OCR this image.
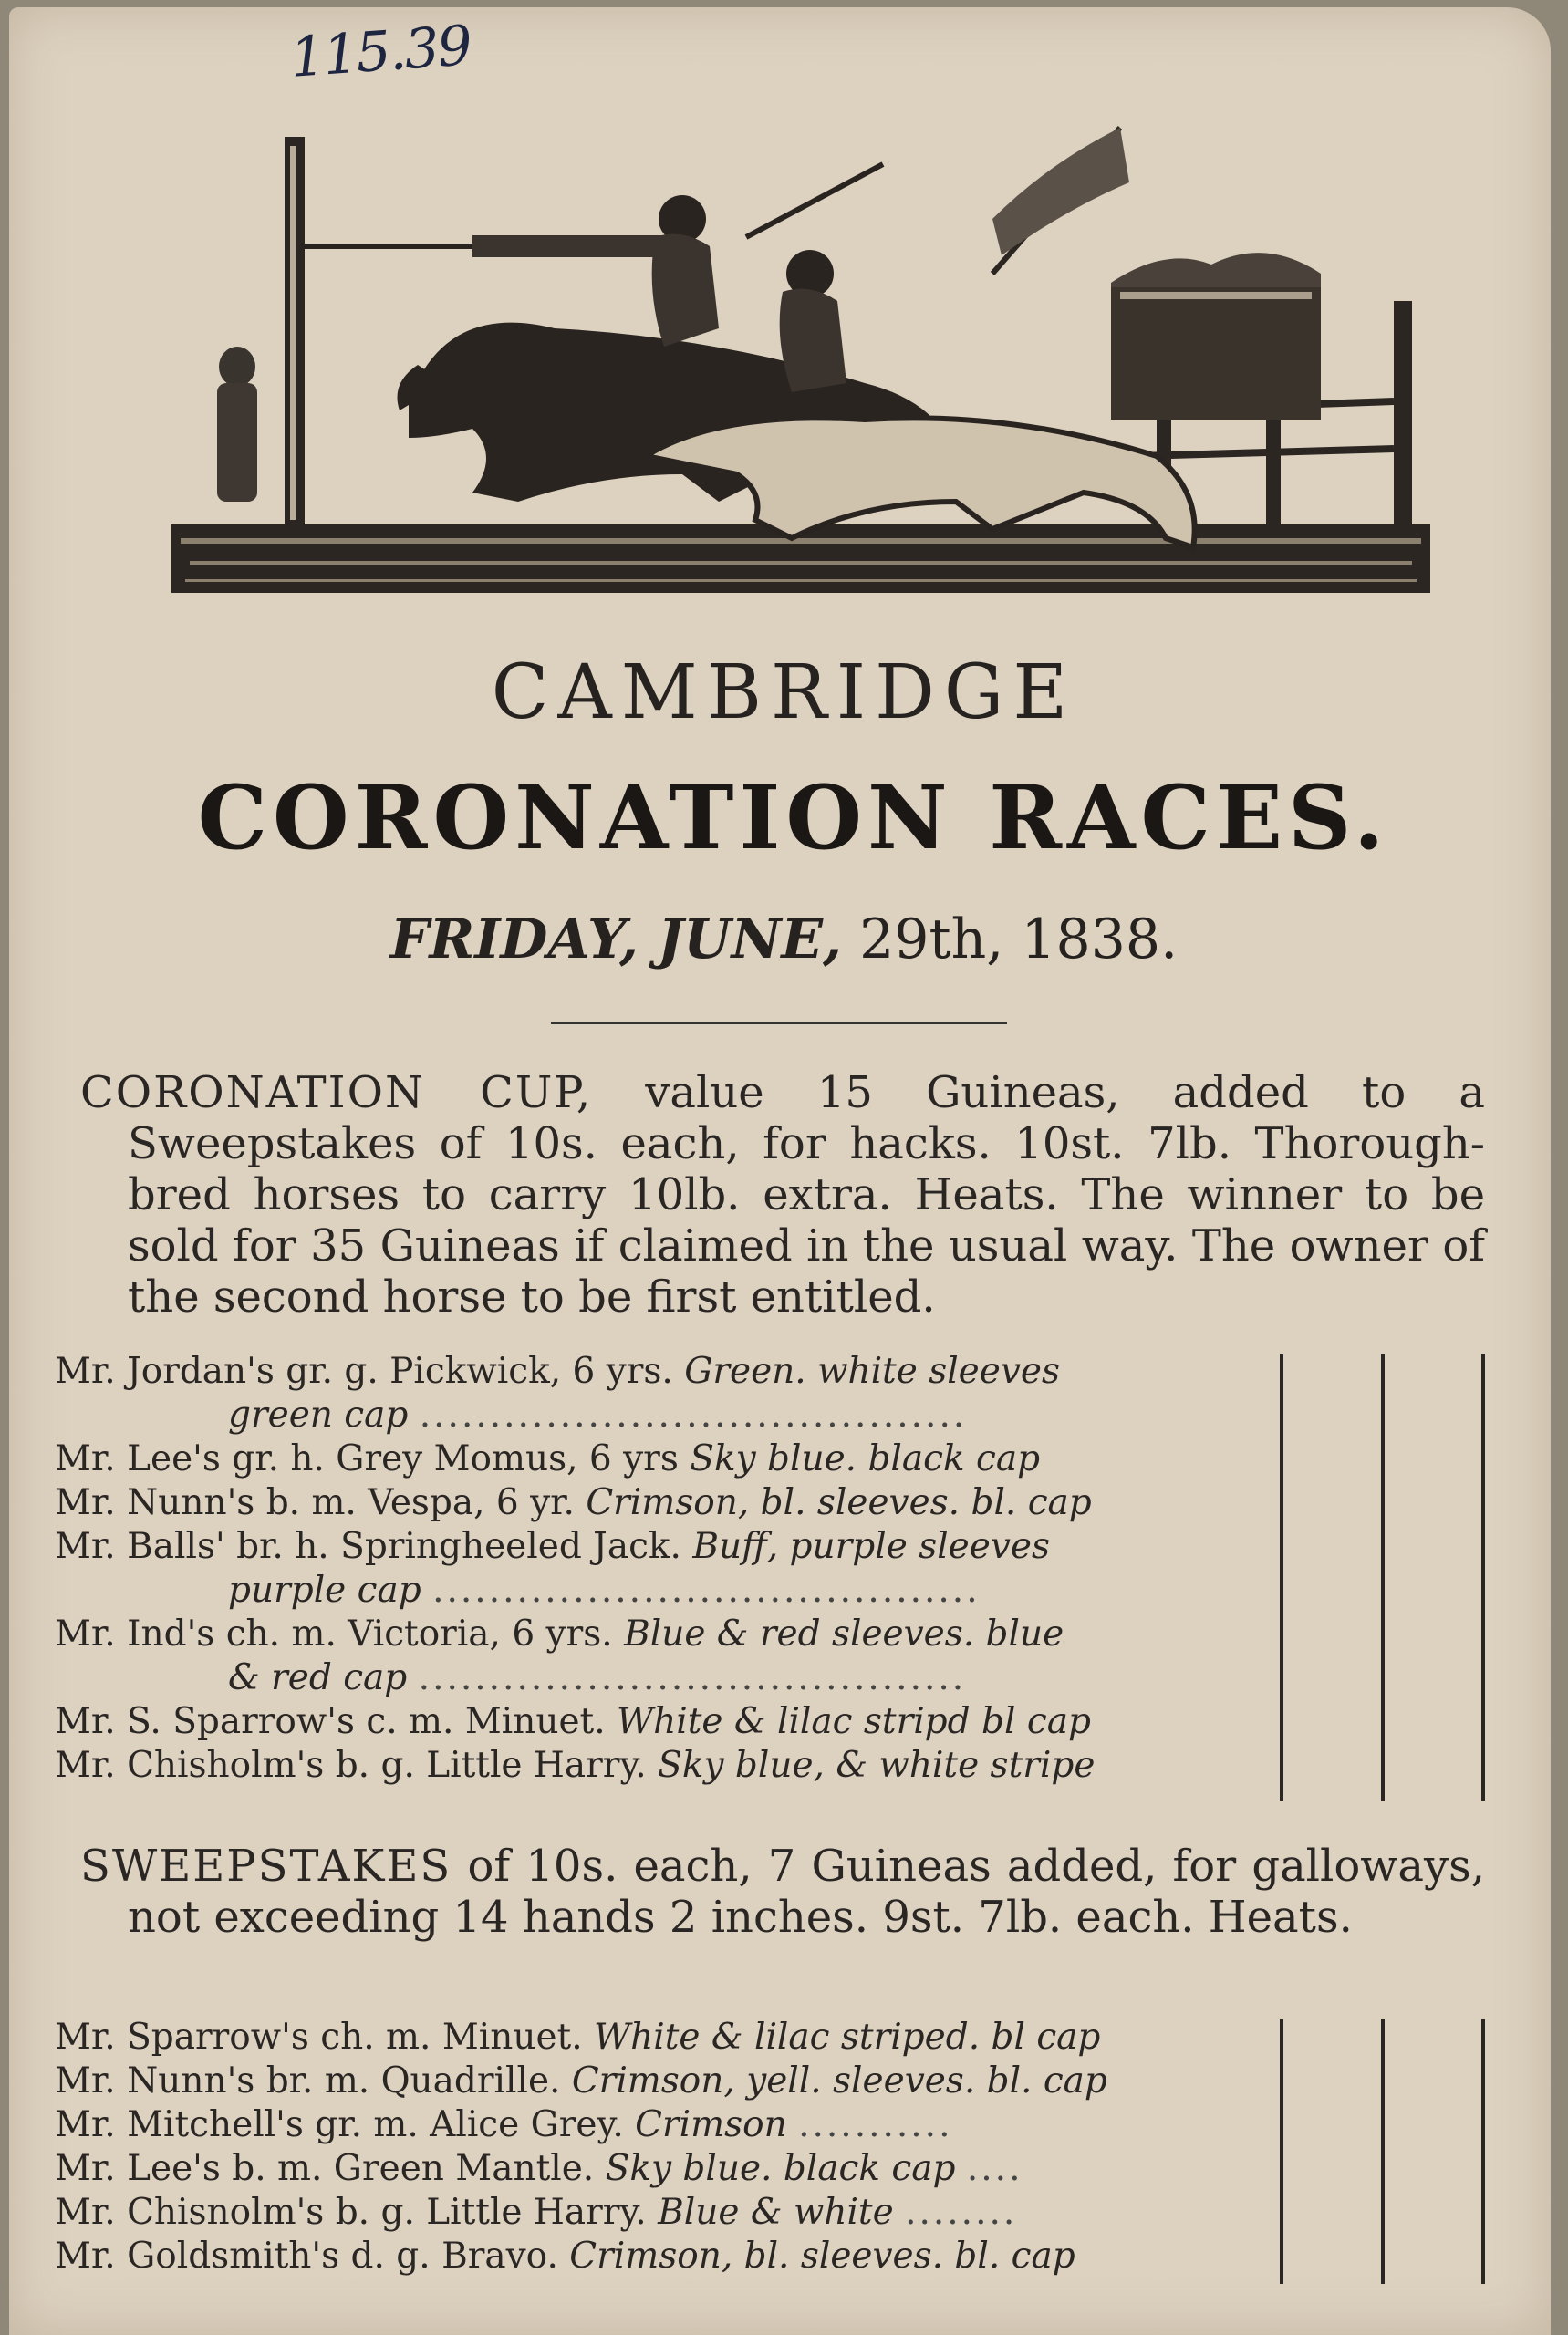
115.39
CAMBRIDGE
CORONATION RACES.
FRIDAY, JUNE, 29th, 1838.
CORONATION CUP, value 15 Guineas, added to a Sweepstakes of 10s. each, for hacks. 10st. 7lb. Thorough-bred horses to carry 10lb. extra. Heats. The winner to be sold for 35 Guineas if claimed in the usual way. The owner of the second horse to be first entitled.
Mr. Jordan's gr. g. Pickwick, 6 yrs. Green. white sleeves
green cap .......................................
Mr. Lee's gr. h. Grey Momus, 6 yrs Sky blue. black cap
Mr. Nunn's b. m. Vespa, 6 yr. Crimson, bl. sleeves. bl. cap
Mr. Balls' br. h. Springheeled Jack. Buff, purple sleeves
purple cap .......................................
Mr. Ind's ch. m. Victoria, 6 yrs. Blue & red sleeves. blue
& red cap .......................................
Mr. S. Sparrow's c. m. Minuet. White & lilac stripd bl cap
Mr. Chisholm's b. g. Little Harry. Sky blue, & white stripe
SWEEPSTAKES of 10s. each, 7 Guineas added, for galloways, not exceeding 14 hands 2 inches. 9st. 7lb. each. Heats.
Mr. Sparrow's ch. m. Minuet. White & lilac striped. bl cap
Mr. Nunn's br. m. Quadrille. Crimson, yell. sleeves. bl. cap
Mr. Mitchell's gr. m. Alice Grey. Crimson ...........
Mr. Lee's b. m. Green Mantle. Sky blue. black cap ....
Mr. Chisnolm's b. g. Little Harry. Blue & white ........
Mr. Goldsmith's d. g. Bravo. Crimson, bl. sleeves. bl. cap
